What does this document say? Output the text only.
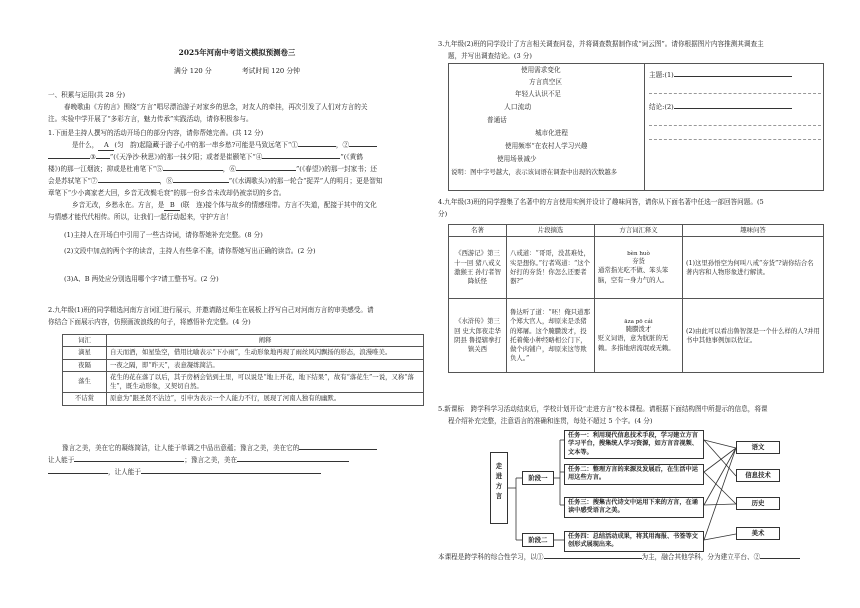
2025年河南中考语文模拟预测卷三
满分 120 分	考试时间 120 分钟

一、积累与运用(共 28 分)

春晚歌曲《方的言》围绕“方言”唱尽漂泊游子对家乡的思念，对友人的牵挂，再次引发了人们对方言的关

注。实验中学开展了“多彩方言，魅力传承”实践活动，请你积极参与。

1.下面是主持人撰写的活动开场白的部分内容，请你帮她完善。(共 12 分)

是什么， A (匀　韵)起隐藏于游子心中的那一串乡愁?可能是马致远笔下“①	，②

③ ”(《天净沙·秋思》)的那一抹夕阳；或者是崔颢笔下“④	”(《黄鹤

楼》)的那一江烟波；抑或是杜甫笔下“⑤	，⑥	”(《春望》)的那一封家书；还

会是苏轼笔下“⑦	，⑧	”(《水调歌头》)的那一轮合“捉弄”人的明月；更是智知

章笔下“少小离家老大回，乡音无改鬓毛衰”的那一份乡音未改却仍被亲切的乡音。

乡音无改，乡愁永在。方言，是 B (联　连)接个体与故乡的情感纽带。方言不失道，配接于其中的文化

与情感才能代代相传。所以，让我们一起行动起来，守护方言！

(1)主持人在开场白中引用了一些古诗词，请你帮她补充完整。(8 分)

(2)文段中加点的两个字的读音，主持人有些拿不准，请你帮她写出正确的读音。(2 分)

(3)A、B 两处应分别选用哪个字?请工整书写。(2 分)

2.九年级(1)班的同学精选河南方言词汇进行展示，并邀请路过师生在展板上抒写自己对河南方言的审美感受。请

你结合下面展示内容，仿照画波浪线的句子，将感悟补充完整。(4 分)

词汇	阐释
滴星	自天而酒，如星坠空，借用比喻表示“下小雨”，生动形象地再现了雨丝风闪飘扬的形态，浪漫唯美。
夜隔	一夜之隔，即“昨天”，表意凝练简洁。
落生	花生的花在落了以后，其子房柄会钻到土里，可以说是“地上开花，地下结果”，故有“落花生”一说，又称“落生”，既生动形象，又契切自然。
不诘赏	原意为“跟圣贤不沾边”，引申为表示一个人能力不行，展现了河南人独有的幽默。

豫言之美，美在它的凝练简洁，让人能于单调之中品出意蕴；豫言之美，美在它的

让人能于	；豫言之美，美在

，让人能于

3.九年级(2)班的同学设计了方言相关调查问卷，并将调查数据制作成“词云图”。请你根据图片内容推测其调查主

题，并写出调查结论。(3 分)

使用需求变化
方言真空区
年轻人认识不足
人口流动
普通话
城市化进程
使用频率“在农村人学习兴趣
使用场景减少
说明：图中字号越大，表示该词语在调查中出现的次数越多
主题:(1)
结论:(2)

4.九年级(3)班的同学搜集了名著中的方言使用实例并设计了趣味问答，请你从下面名著中任选一部回答问题。(5

分)

名著	片段摘选	方言词汇释义	趣味问答
《西游记》第三十一回 猪八戒义激猴王 孙行者智降妖怪	八戒道：“哥哥，没甚难处，实是想你。”行者骂道：“这个好打的夯货！你怎么还要者器?”	bèn huò
夯货
通常指光吃不做、笨头笨脑，空有一身力气的人。	(1)这里孙悟空为何叫八戒“夯货”?请你结合名著内容和人物形象进行解读。
《水浒传》第三回 史大郎夜走华阴县 鲁提辖拳打镇关西	鲁达听了道：“呸！俺只道那个郑大官人，却原来是杀猪的郑屠。这个腌臜泼才，投托着俺小种经略相公门下，做个肉铺户，却原来这等欺负人。”	āza pō cái
腌臜泼才
贬义词语，意为肮脏的无赖。多指地痞流氓或无赖。	(2)由此可以看出鲁智深是一个什么样的人?并用书中其他事例加以佐证。

5.新课标　跨学科学习活动结束后，学校计划开设“走进方言”校本课程。请根据下面结构图中所提示的信息，将课

程介绍补充完整，注意语言的准确和连贯，每处不超过 5 个字。(4 分)

走进方言
阶段一
阶段二
任务一：利用现代信息技术手段，学习建立方言学习平台，搜集统人学习资源，如方言音视频、文本等。
任务二：整理方言的来源及发展后，在生活中运用这些方言。
任务三：搜集古代诗文中运用下来的方言，在诵读中感受语言之美。
任务四：总结活动成果，将其用海报、书签等文创形式展现出来。
语文
信息技术
历史
美术

本课程是跨学科的综合性学习，以①	为主，融合其他学科，分为建立平台、②
